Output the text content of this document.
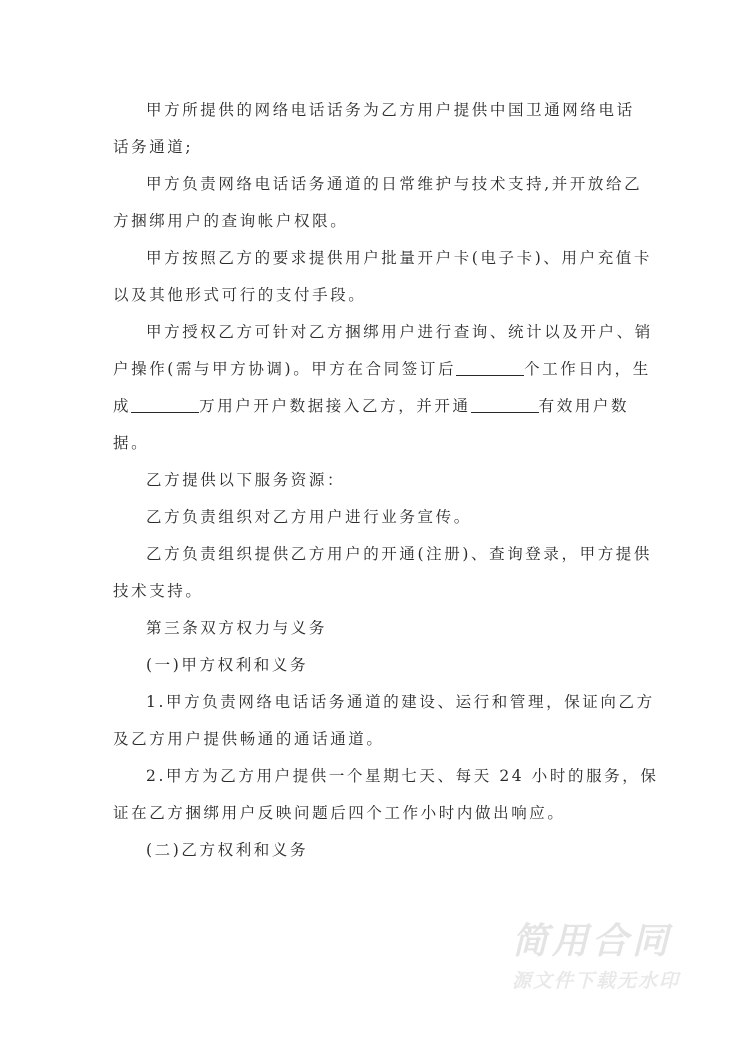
甲方所提供的网络电话话务为乙方用户提供中国卫通网络电话
话务通道;
甲方负责网络电话话务通道的日常维护与技术支持,并开放给乙
方捆绑用户的查询帐户权限。
甲方按照乙方的要求提供用户批量开户卡(电子卡)、用户充值卡
以及其他形式可行的支付手段。
甲方授权乙方可针对乙方捆绑用户进行查询、统计以及开户、销
户操作(需与甲方协调)。甲方在合同签订后	个工作日内，生
成	万用户开户数据接入乙方，并开通	有效用户数
据。
乙方提供以下服务资源：
乙方负责组织对乙方用户进行业务宣传。
乙方负责组织提供乙方用户的开通(注册)、查询登录，甲方提供
技术支持。
第三条双方权力与义务
(一)甲方权利和义务
1.甲方负责网络电话话务通道的建设、运行和管理，保证向乙方
及乙方用户提供畅通的通话通道。
2.甲方为乙方用户提供一个星期七天、每天 24 小时的服务，保
证在乙方捆绑用户反映问题后四个工作小时内做出响应。
(二)乙方权利和义务
简用合同
源文件下载无水印
